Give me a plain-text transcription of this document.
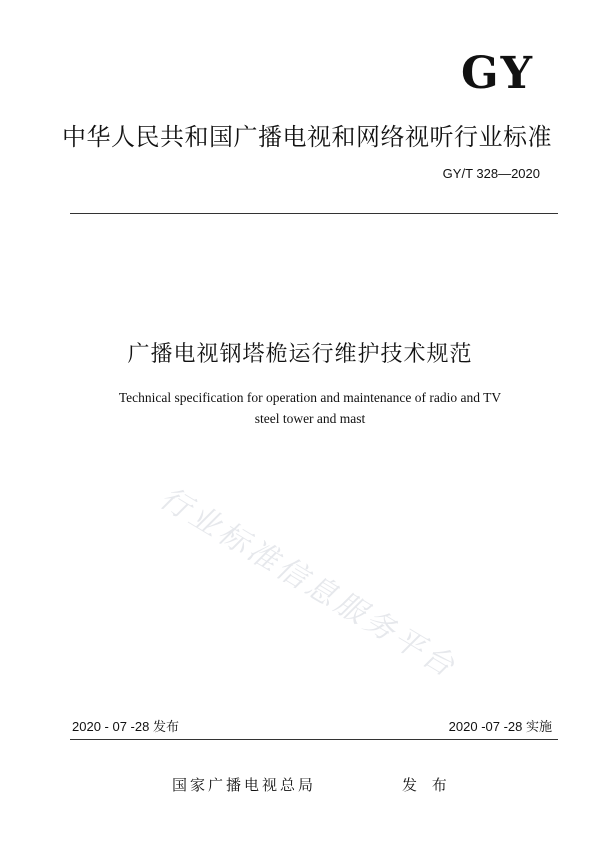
GY
中华人民共和国广播电视和网络视听行业标准
GY/T 328—2020
广播电视钢塔桅运行维护技术规范
Technical specification for operation and maintenance of radio and TV
steel tower and mast
行业标准信息服务平台
2020 - 07 -28 发布	2020 -07 -28 实施
国家广播电视总局	发 布
